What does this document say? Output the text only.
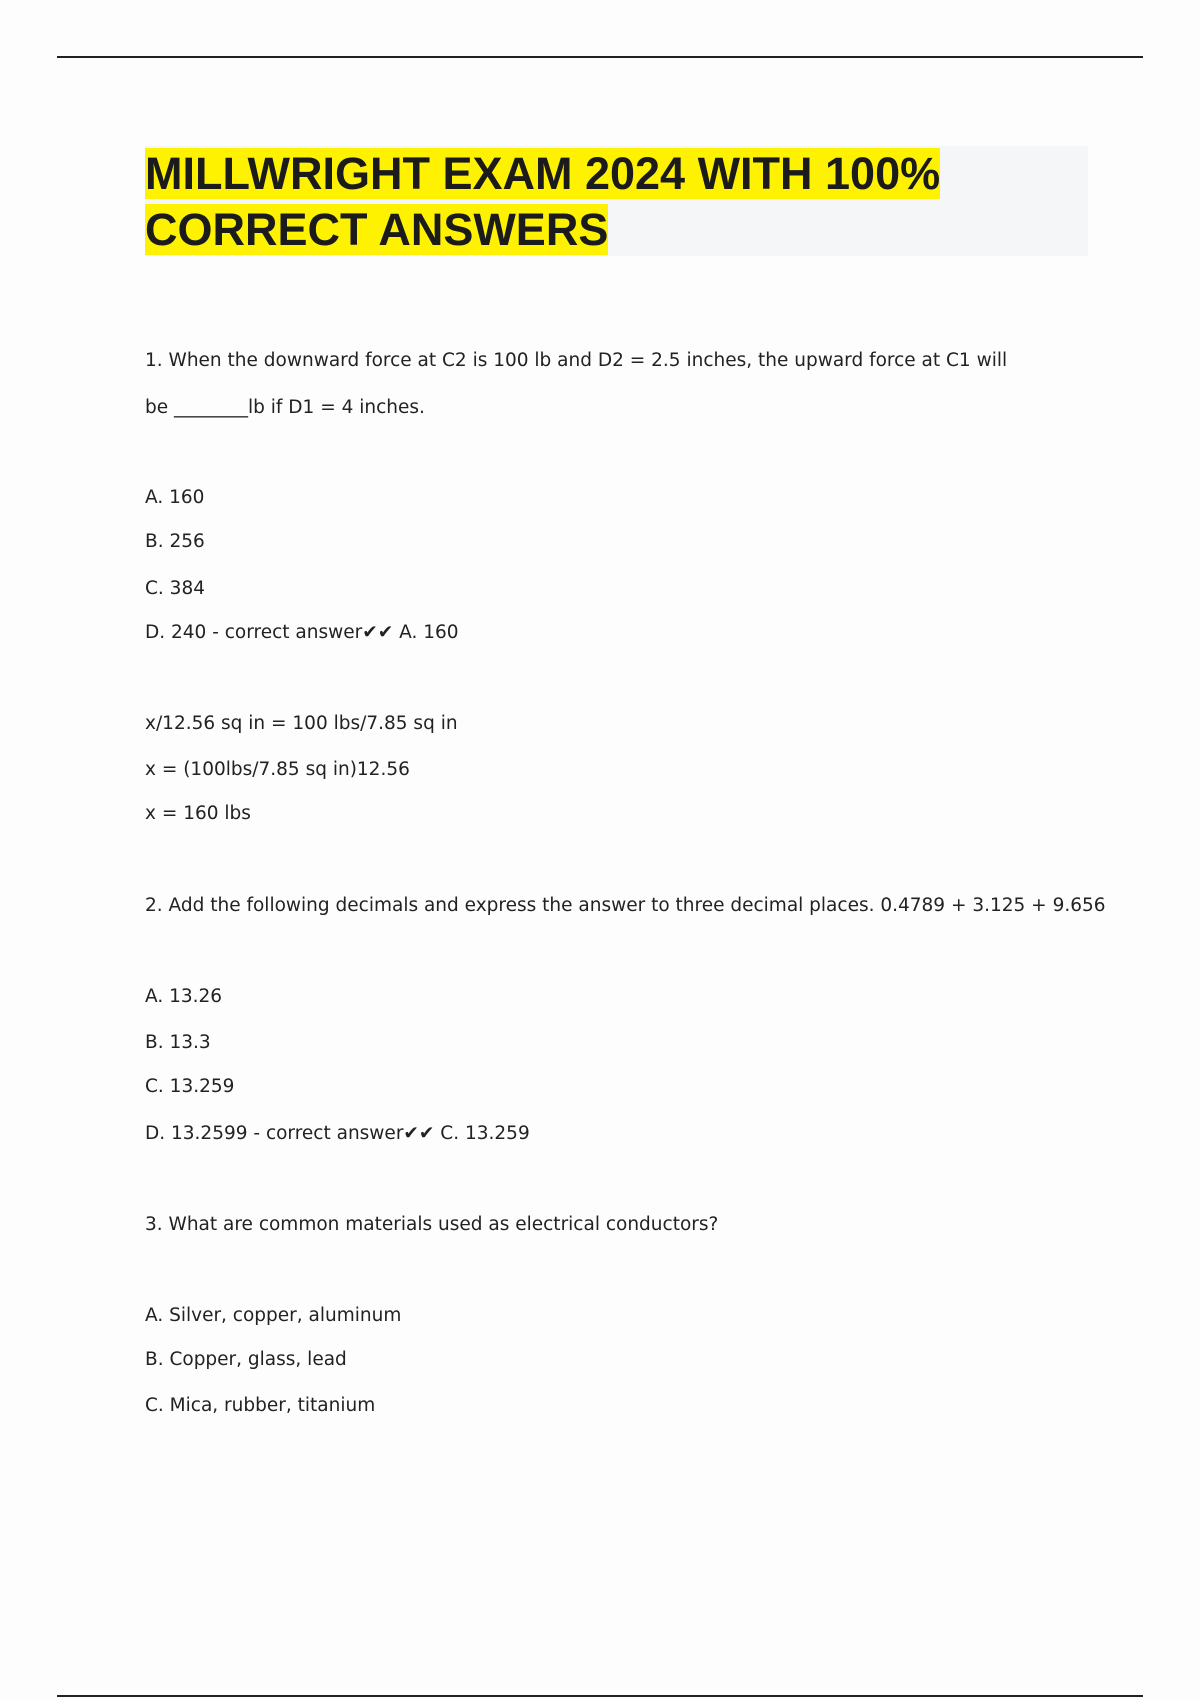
MILLWRIGHT EXAM 2024 WITH 100%
CORRECT ANSWERS

1. When the downward force at C2 is 100 lb and D2 = 2.5 inches, the upward force at C1 will

be ________lb if D1 = 4 inches.

A. 160

B. 256

C. 384

D. 240 - correct answer✔✔ A. 160

x/12.56 sq in = 100 lbs/7.85 sq in

x = (100lbs/7.85 sq in)12.56

x = 160 lbs

2. Add the following decimals and express the answer to three decimal places. 0.4789 + 3.125 + 9.656

A. 13.26

B. 13.3

C. 13.259

D. 13.2599 - correct answer✔✔ C. 13.259

3. What are common materials used as electrical conductors?

A. Silver, copper, aluminum

B. Copper, glass, lead

C. Mica, rubber, titanium
